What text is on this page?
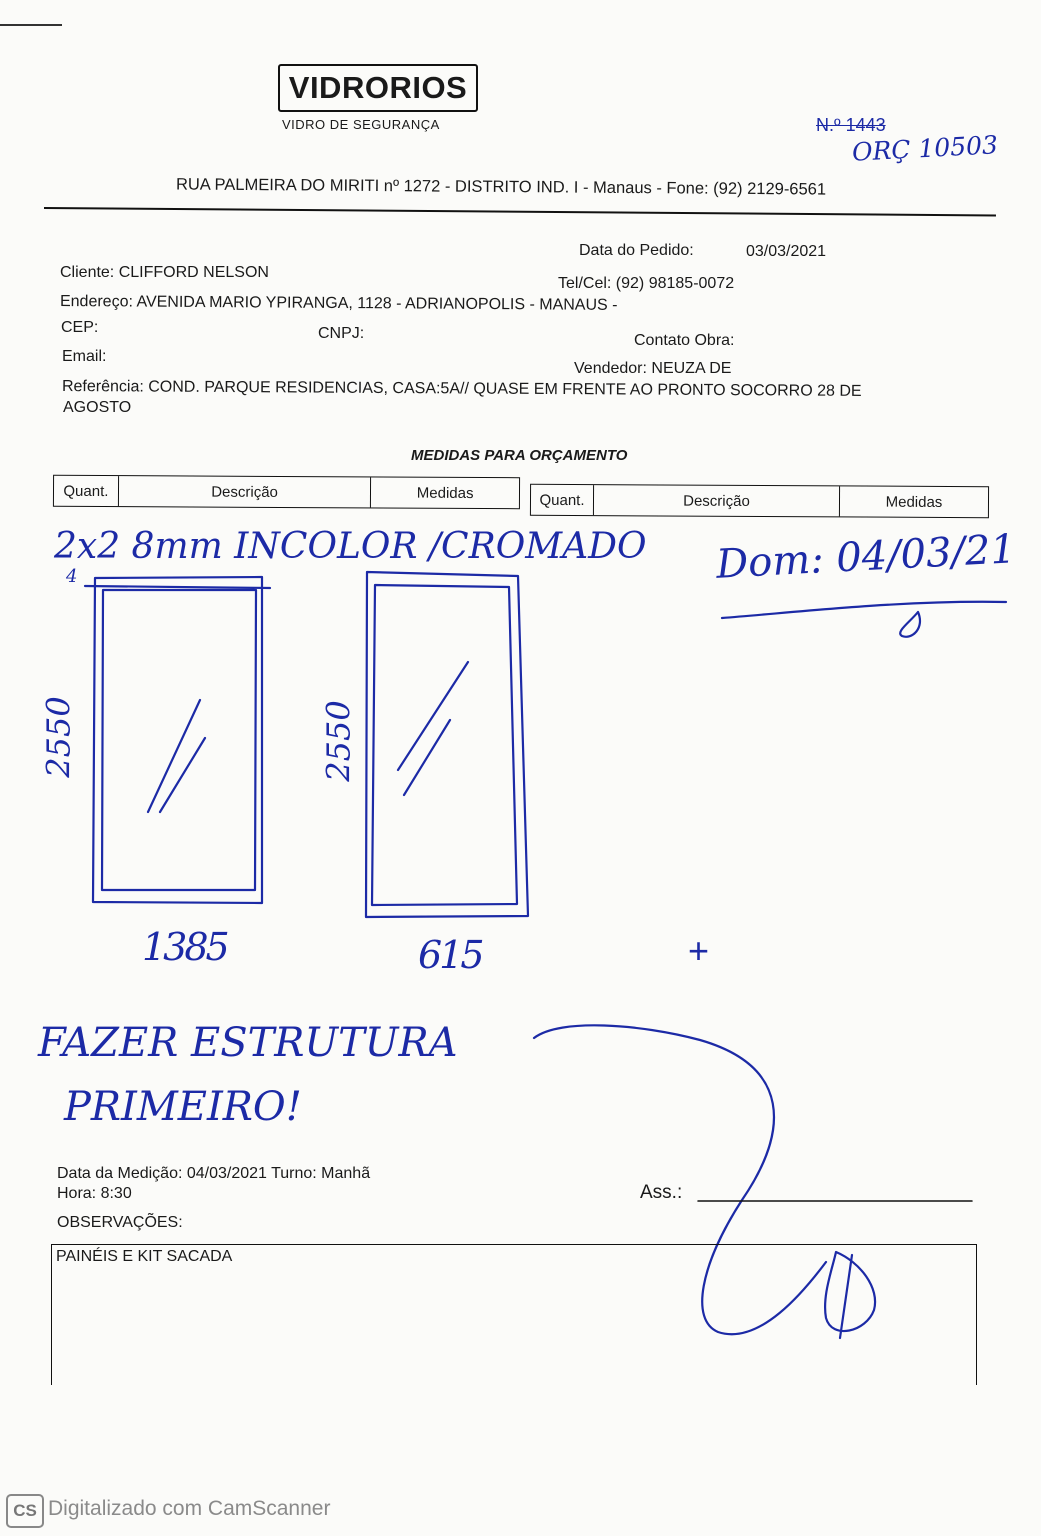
VIDRORIOS
VIDRO DE SEGURANÇA	N.º 1443
RUA PALMEIRA DO MIRITI nº 1272 - DISTRITO IND. I - Manaus - Fone: (92) 2129-6561
Data do Pedido:	03/03/2021
Cliente: CLIFFORD NELSON
Tel/Cel: (92) 98185-0072
Endereço: AVENIDA MARIO YPIRANGA, 1128 - ADRIANOPOLIS - MANAUS -
CEP:	CNPJ:	Contato Obra:
Email:
Vendedor: NEUZA DE
Referência: COND. PARQUE RESIDENCIAS, CASA:5A// QUASE EM FRENTE AO PRONTO SOCORRO 28 DE
AGOSTO
MEDIDAS PARA ORÇAMENTO
Quant.	Descrição	Medidas	Quant.	Descrição	Medidas
ORÇ 10503
2x2 8mm INCOLOR /CROMADO Dom: 04/03/21
4
2550	2550
1385	615	+
FAZER ESTRUTURA
PRIMEIRO!
Data da Medição: 04/03/2021 Turno: Manhã
Hora: 8:30	Ass.:
OBSERVAÇÕES:
PAINÉIS E KIT SACADA
CS Digitalizado com CamScanner
